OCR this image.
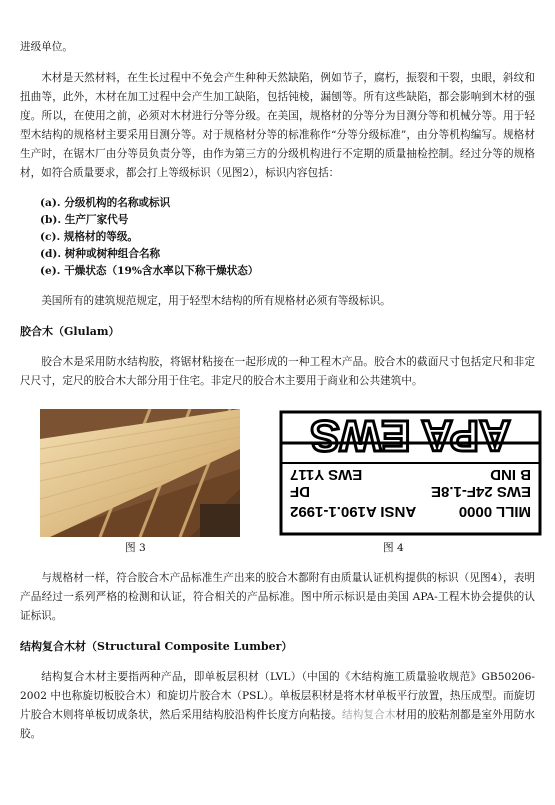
进级单位。

木材是天然材料，在生长过程中不免会产生种种天然缺陷，例如节子，腐朽，振裂和干裂，虫眼，斜纹和扭曲等，此外，木材在加工过程中会产生加工缺陷，包括钝棱，漏刨等。所有这些缺陷，都会影响到木材的强度。所以，在使用之前，必须对木材进行分等分级。在美国，规格材的分等分为目测分等和机械分等。用于轻型木结构的规格材主要采用目测分等。对于规格材分等的标准称作“分等分级标准”，由分等机构编写。规格材生产时，在锯木厂由分等员负责分等，由作为第三方的分级机构进行不定期的质量抽检控制。经过分等的规格材，如符合质量要求，都会打上等级标识（见图2），标识内容包括：

(a). 分级机构的名称或标识
(b). 生产厂家代号
(c). 规格材的等级。
(d). 树种或树种组合名称
(e). 干燥状态（19%含水率以下称干燥状态）

美国所有的建筑规范规定，用于轻型木结构的所有规格材必须有等级标识。

胶合木（Glulam）

胶合木是采用防水结构胶，将锯材粘接在一起形成的一种工程木产品。胶合木的截面尺寸包括定尺和非定尺尺寸，定尺的胶合木大部分用于住宅。非定尺的胶合木主要用于商业和公共建筑中。

MILL 0000
ANSI A190.1-1992
EWS 24F-1.8E
DF
B IND
EWS Y117
APA EWS
图 3	图 4

与规格材一样，符合胶合木产品标准生产出来的胶合木都附有由质量认证机构提供的标识（见图4），表明产品经过一系列严格的检测和认证，符合相关的产品标准。图中所示标识是由美国 APA-工程木协会提供的认证标识。

结构复合木材（Structural Composite Lumber）

结构复合木材主要指两种产品，即单板层积材（LVL）（中国的《木结构施工质量验收规范》GB50206-2002 中也称旋切板胶合木）和旋切片胶合木（PSL）。单板层积材是将木材单板平行放置，热压成型。而旋切片胶合木则将单板切成条状，然后采用结构胶沿构件长度方向粘接。结构复合木材用的胶粘剂都是室外用防水胶。
